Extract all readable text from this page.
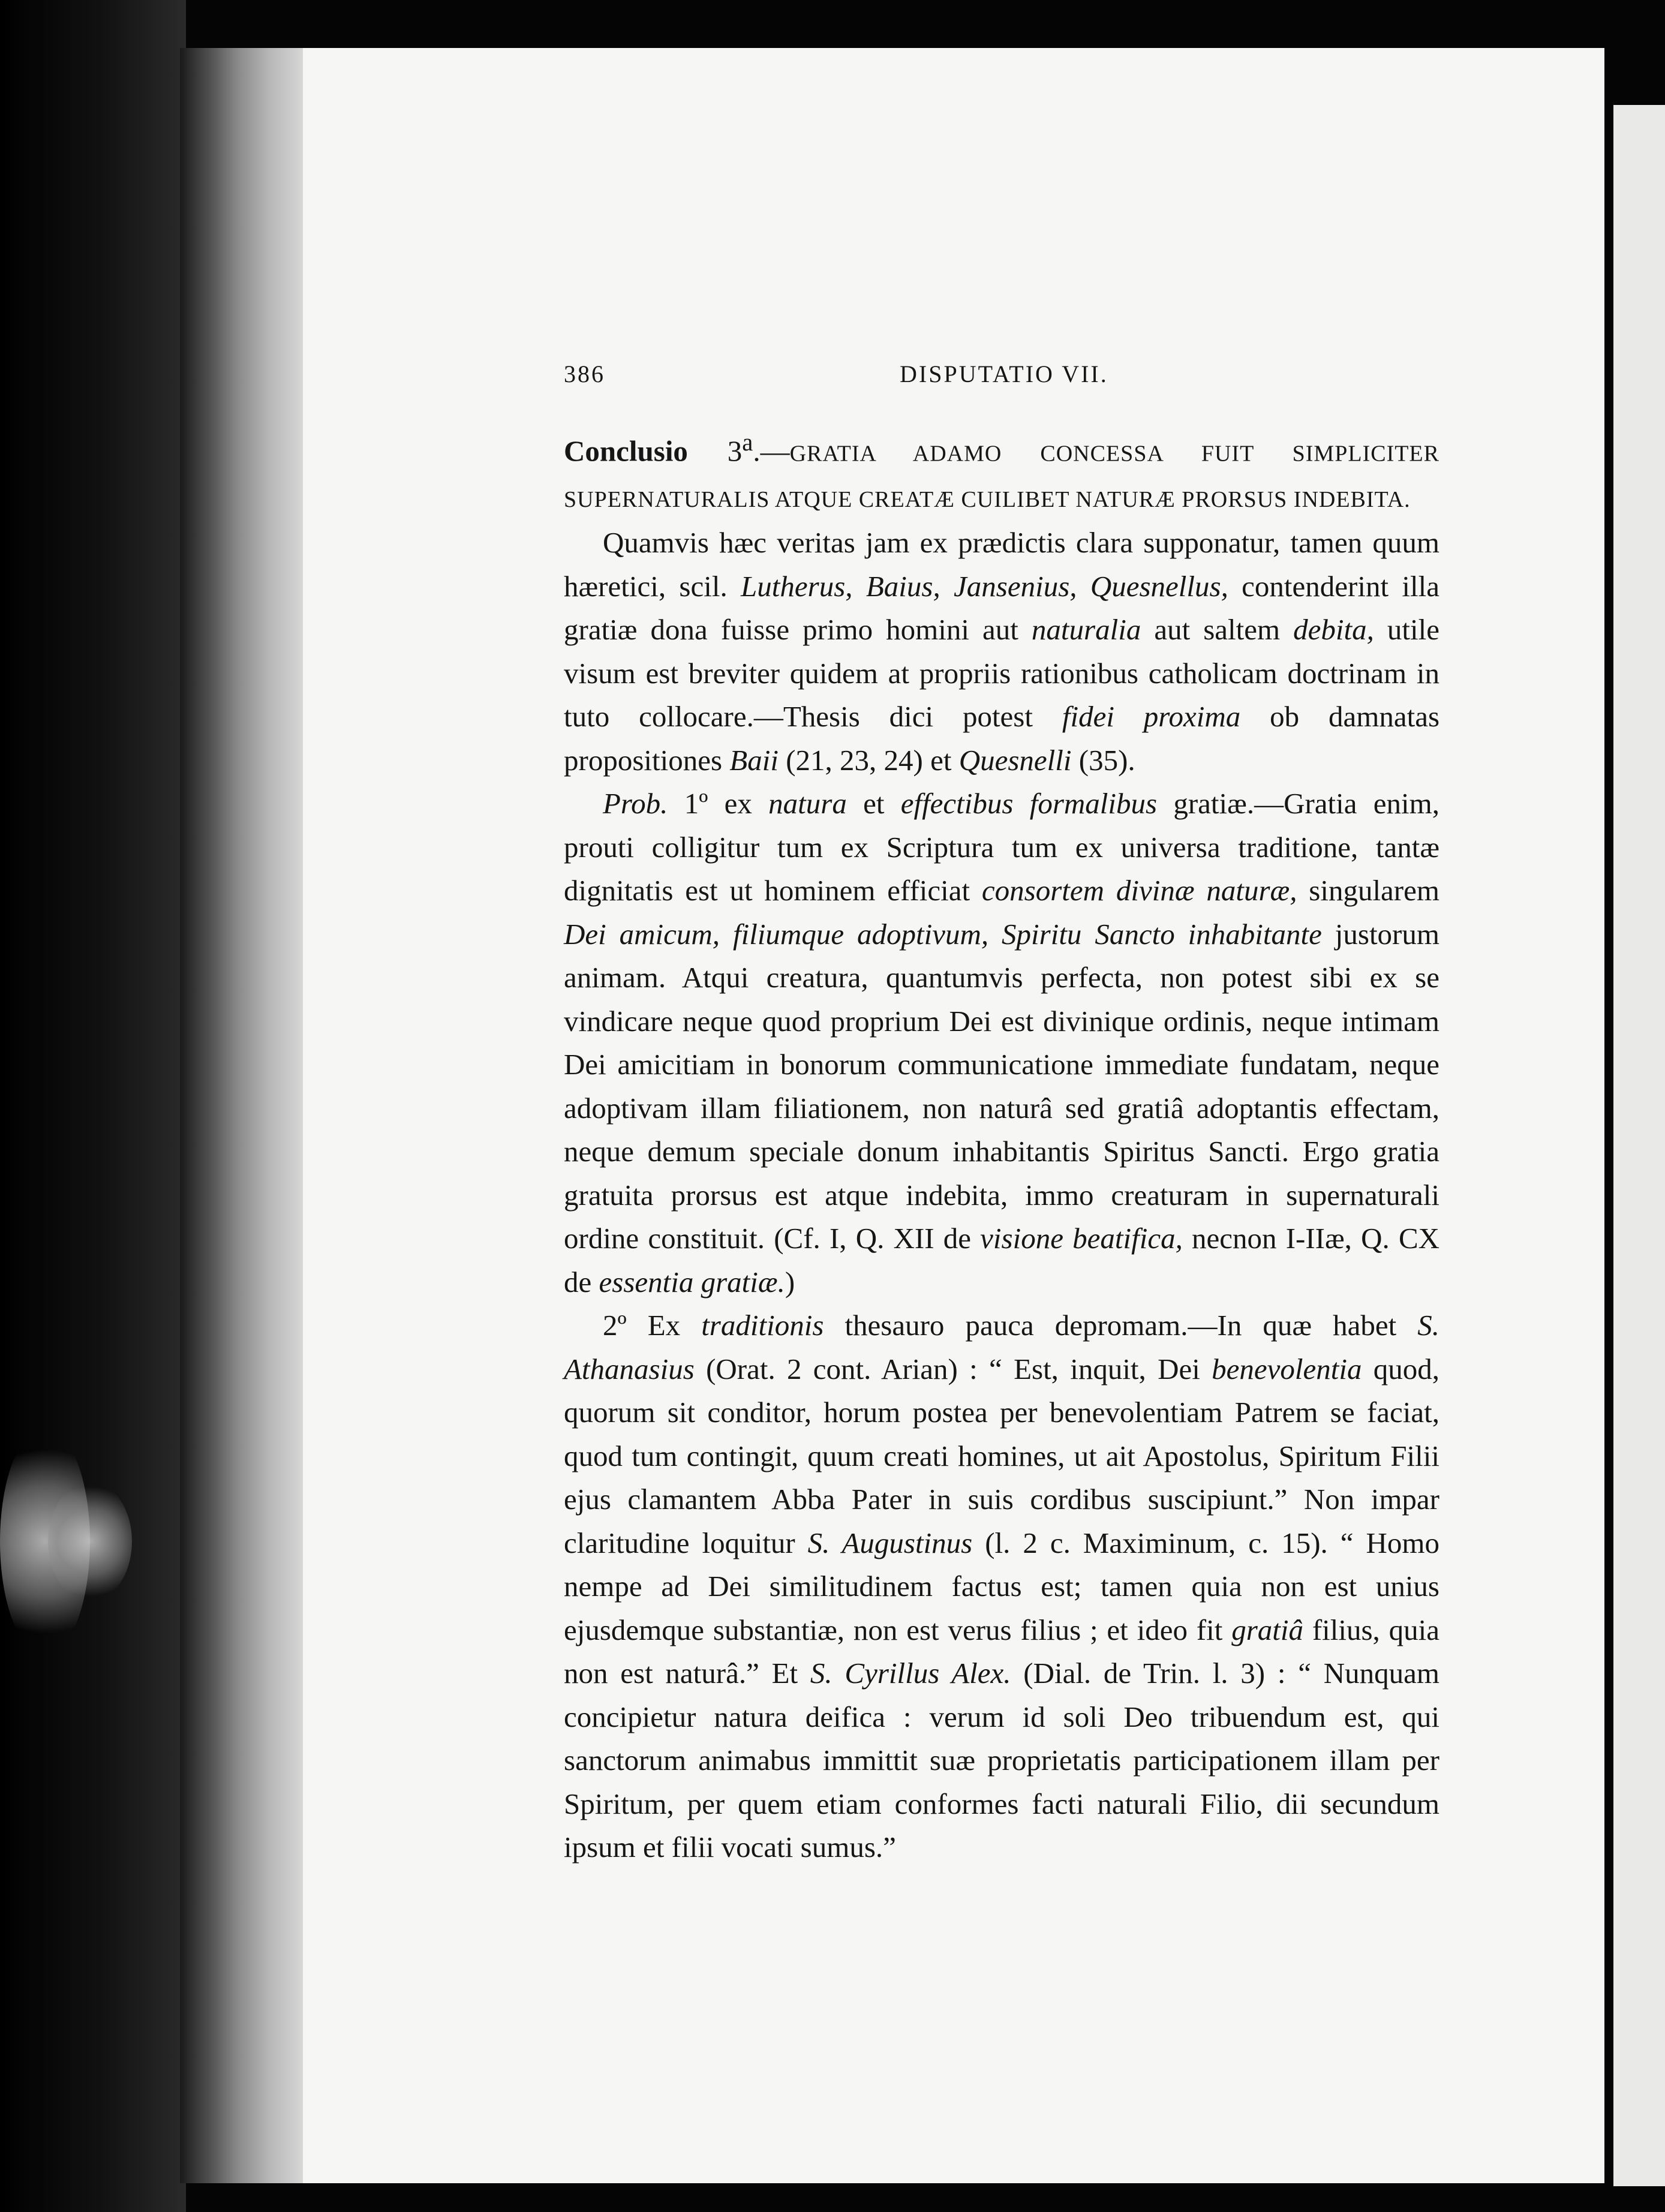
386	DISPUTATIO VII.

Conclusio 3$^a$.—GRATIA ADAMO CONCESSA FUIT SIMPLICITER SUPERNATURALIS ATQUE CREATÆ CUILIBET NATURÆ PRORSUS INDEBITA.

Quamvis hæc veritas jam ex prædictis clara supponatur, tamen quum hæretici, scil. Lutherus, Baius, Jansenius, Quesnellus, contenderint illa gratiæ dona fuisse primo homini aut naturalia aut saltem debita, utile visum est breviter quidem at propriis rationibus catholicam doctrinam in tuto collocare.—Thesis dici potest fidei proxima ob damnatas propositiones Baii (21, 23, 24) et Quesnelli (35).

Prob. 1º ex natura et effectibus formalibus gratiæ.—Gratia enim, prouti colligitur tum ex Scriptura tum ex universa traditione, tantæ dignitatis est ut hominem efficiat consortem divinæ naturæ, singularem Dei amicum, filiumque adoptivum, Spiritu Sancto inhabitante justorum animam. Atqui creatura, quantumvis perfecta, non potest sibi ex se vindicare neque quod proprium Dei est divinique ordinis, neque intimam Dei amicitiam in bonorum communicatione immediate fundatam, neque adoptivam illam filiationem, non naturâ sed gratiâ adoptantis effectam, neque demum speciale donum inhabitantis Spiritus Sancti. Ergo gratia gratuita prorsus est atque indebita, immo creaturam in supernaturali ordine constituit. (Cf. I, Q. XII de visione beatifica, necnon I-IIæ, Q. CX de essentia gratiæ.)

2º Ex traditionis thesauro pauca depromam.—In quæ habet S. Athanasius (Orat. 2 cont. Arian) : “ Est, inquit, Dei benevolentia quod, quorum sit conditor, horum postea per benevolentiam Patrem se faciat, quod tum contingit, quum creati homines, ut ait Apostolus, Spiritum Filii ejus clamantem Abba Pater in suis cordibus suscipiunt.” Non impar claritudine loquitur S. Augustinus (l. 2 c. Maximinum, c. 15). “ Homo nempe ad Dei similitudinem factus est; tamen quia non est unius ejusdemque substantiæ, non est verus filius ; et ideo fit gratiâ filius, quia non est naturâ.” Et S. Cyrillus Alex. (Dial. de Trin. l. 3) : “ Nunquam concipietur natura deifica : verum id soli Deo tribuendum est, qui sanctorum animabus immittit suæ proprietatis participationem illam per Spiritum, per quem etiam conformes facti naturali Filio, dii secundum ipsum et filii vocati sumus.”
